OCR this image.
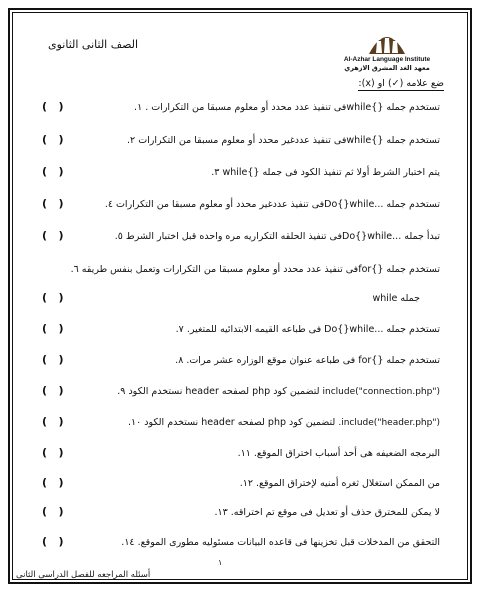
الصف الثانى الثانوى
Al-Azhar Language Institute
معهد الغد المشرق الازهري
ضع علامه (✓) او (x):
تستخدم جمله {}whileفى تنفيذ عدد محدد أو معلوم مسبقا من التكرارات . ١.
(   )
تستخدم جمله {}whileفى تنفيذ عددغير محدد أو معلوم مسبقا من التكرارات ٢.
(   )
يتم اختبار الشرط أولا ثم تنفيذ الكود فى جمله {}while ٣.
(   )
تستخدم جمله ...Do{}whileفى تنفيذ عددغير محدد أو معلوم مسبقا من التكرارات ٤.
(   )
تبدأ جمله ...Do{}whileفى تنفيذ الحلقه التكراريه مره واحده قبل اختبار الشرط ٥.
(   )
تستخدم جمله {}forفى تنفيذ عدد محدد أو معلوم مسبقا من التكرارات وتعمل بنفس طريقه ٦.
جمله while
(   )
تستخدم جمله ...Do{}while فى طباعه القيمه الابتدائيه للمتغير. ٧.
(   )
تستخدم جمله {}for فى طباعه عنوان موقع الوزاره عشر مرات. ٨.
(   )
include("connection.php") لتضمين كود php لصفحه header نستخدم الكود ٩.
(   )
.include("header.php") لتضمين كود php لصفحه header نستخدم الكود ١٠.
(   )
البرمجه الضعيفه هى أحد أسباب اختراق الموقع. ١١.
(   )
من الممكن استغلال ثغره أمنيه لإختراق الموقع. ١٢.
(   )
لا يمكن للمخترق حذف أو تعديل فى موقع تم اختراقه. ١٣.
(   )
التحقق من المدخلات قبل تخزينها فى قاعده البيانات مسئوليه مطورى الموقع. ١٤.
(   )
١
أسئله المراجعه للفصل الدراسى الثانى
